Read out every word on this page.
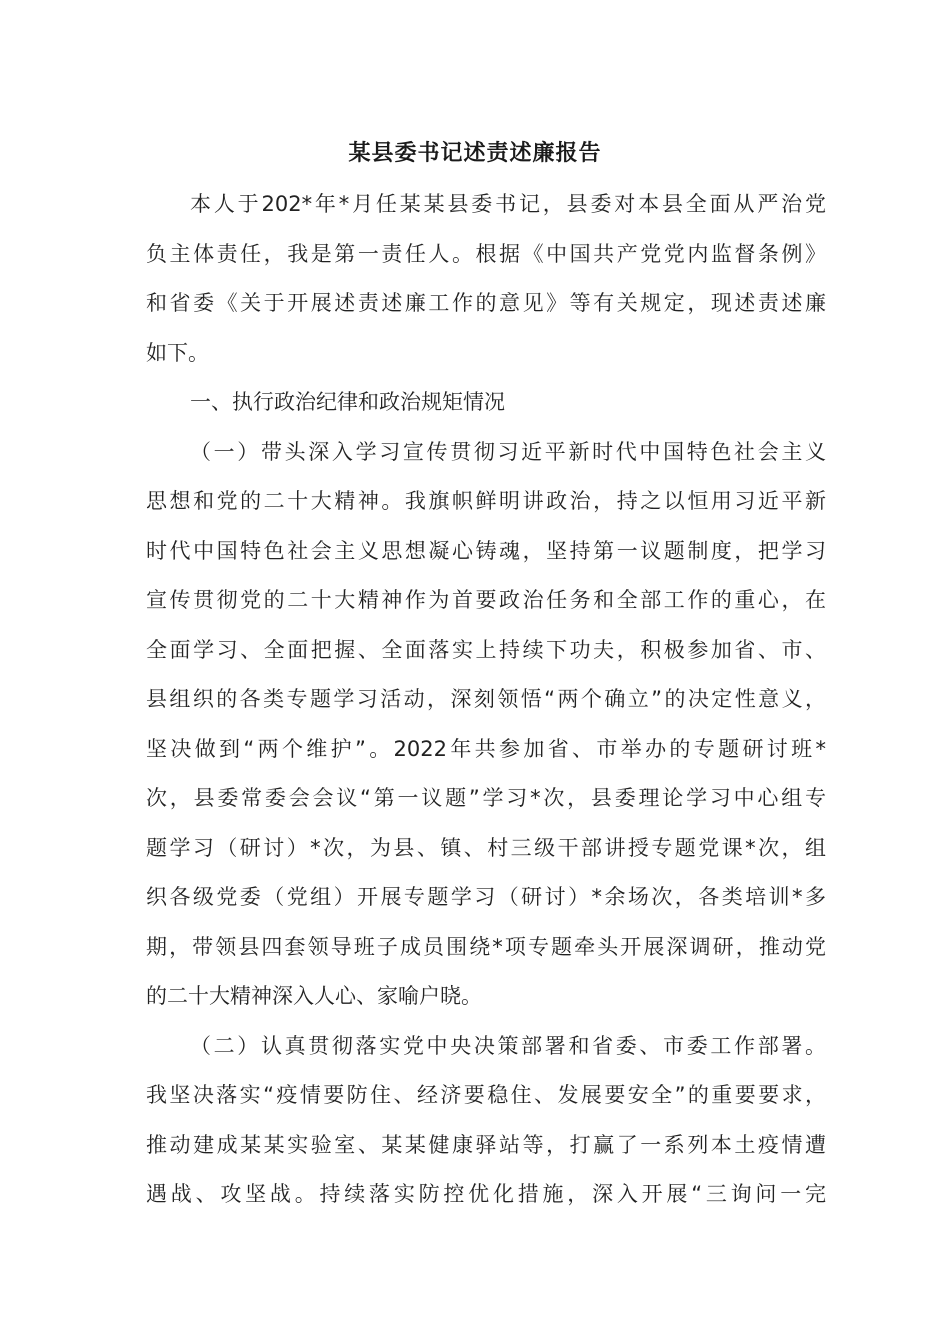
某县委书记述责述廉报告
本人于202*年*月任某某县委书记，县委对本县全面从严治党
负主体责任，我是第一责任人。根据《中国共产党党内监督条例》
和省委《关于开展述责述廉工作的意见》等有关规定，现述责述廉
如下。
一、执行政治纪律和政治规矩情况
（一）带头深入学习宣传贯彻习近平新时代中国特色社会主义
思想和党的二十大精神。我旗帜鲜明讲政治，持之以恒用习近平新
时代中国特色社会主义思想凝心铸魂，坚持第一议题制度，把学习
宣传贯彻党的二十大精神作为首要政治任务和全部工作的重心，在
全面学习、全面把握、全面落实上持续下功夫，积极参加省、市、
县组织的各类专题学习活动，深刻领悟“两个确立”的决定性意义，
坚决做到“两个维护”。2022年共参加省、市举办的专题研讨班*
次，县委常委会会议“第一议题”学习*次，县委理论学习中心组专
题学习（研讨）*次，为县、镇、村三级干部讲授专题党课*次，组
织各级党委（党组）开展专题学习（研讨）*余场次，各类培训*多
期，带领县四套领导班子成员围绕*项专题牵头开展深调研，推动党
的二十大精神深入人心、家喻户晓。
（二）认真贯彻落实党中央决策部署和省委、市委工作部署。
我坚决落实“疫情要防住、经济要稳住、发展要安全”的重要要求，
推动建成某某实验室、某某健康驿站等，打赢了一系列本土疫情遭
遇战、攻坚战。持续落实防控优化措施，深入开展“三询问一完
